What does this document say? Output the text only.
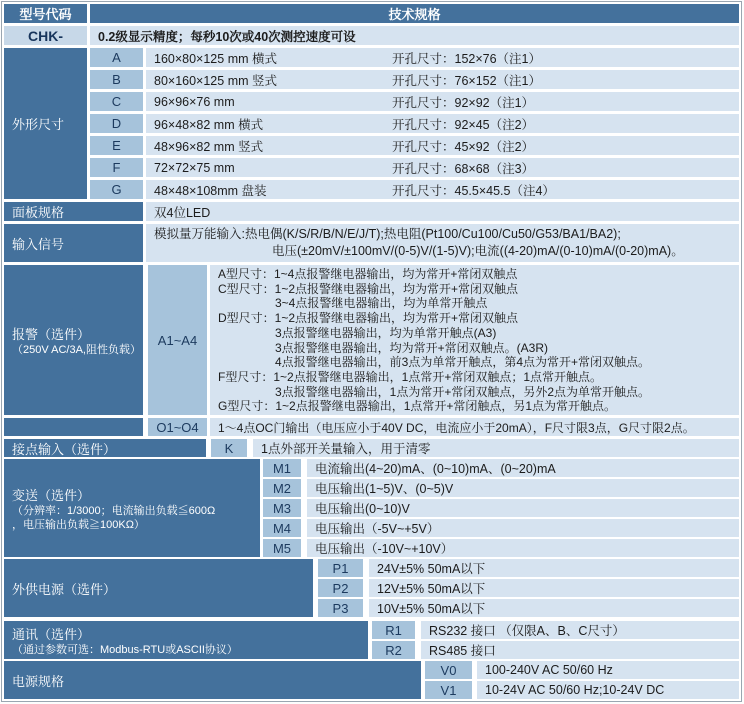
型号代码	技术规格
CHK-	0.2级显示精度；每秒10次或40次测控速度可设
外形尺寸
A	160×80×125 mm 横式	开孔尺寸：152×76（注1）
B	80×160×125 mm 竖式	开孔尺寸：76×152（注1）
C	96×96×76 mm	开孔尺寸：92×92（注1）
D	96×48×82 mm 横式	开孔尺寸：92×45（注2）
E	48×96×82 mm 竖式	开孔尺寸：45×92（注2）
F	72×72×75 mm	开孔尺寸：68×68（注3）
G	48×48×108mm 盘装	开孔尺寸：45.5×45.5（注4）
面板规格	双4位LED
输入信号
模拟量万能输入:热电偶(K/S/R/B/N/E/J/T);热电阻(Pt100/Cu100/Cu50/G53/BA1/BA2);
电压(±20mV/±100mV/(0-5)V/(1-5)V);电流((4-20)mA/(0-10)mA/(0-20)mA)。
报警（选件）
（250V AC/3A,阻性负载）
A1~A4
A型尺寸：1~4点报警继电器输出，均为常开+常闭双触点
C型尺寸：1~2点报警继电器输出，均为常开+常闭双触点
3~4点报警继电器输出，均为单常开触点
D型尺寸：1~2点报警继电器输出，均为常开+常闭双触点
3点报警继电器输出，均为单常开触点(A3)
3点报警继电器输出，均为常开+常闭双触点。(A3R)
4点报警继电器输出，前3点为单常开触点，第4点为常开+常闭双触点。
F型尺寸：1~2点报警继电器输出，1点常开+常闭双触点；1点常开触点。
3点报警继电器输出，1点为常开+常闭双触点，另外2点为单常开触点。
G型尺寸：1~2点报警继电器输出，1点常开+常闭触点，另1点为常开触点。
O1~O4	1～4点OC门输出（电压应小于40V DC，电流应小于20mA），F尺寸限3点，G尺寸限2点。
接点输入（选件）	K	1点外部开关量输入，用于清零
变送（选件）
（分辨率：1/3000；电流输出负载≦600Ω
，电压输出负载≧100KΩ）
M1	电流输出(4~20)mA、(0~10)mA、(0~20)mA
M2	电压输出(1~5)V、(0~5)V
M3	电压输出(0~10)V
M4	电压输出（-5V~+5V）
M5	电压输出（-10V~+10V）
外供电源（选件）
P1	24V±5% 50mA以下
P2	12V±5% 50mA以下
P3	10V±5% 50mA以下
通讯（选件）
（通过参数可选：Modbus-RTU或ASCII协议）
R1	RS232 接口 （仅限A、B、C尺寸）
R2	RS485 接口
电源规格
V0	100-240V AC 50/60 Hz
V1	10-24V AC 50/60 Hz;10-24V DC
